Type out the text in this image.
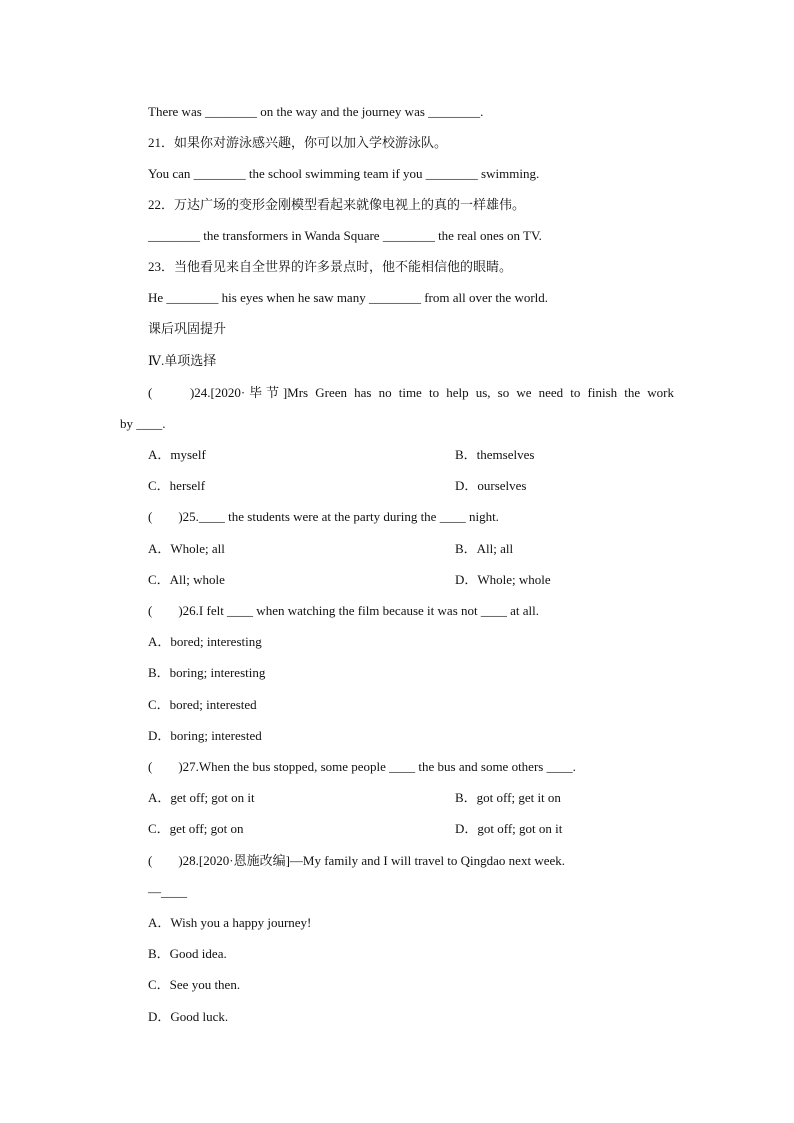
There was ________ on the way and the journey was ________.
21．如果你对游泳感兴趣，你可以加入学校游泳队。
You can ________ the school swimming team if you ________ swimming.
22．万达广场的变形金刚模型看起来就像电视上的真的一样雄伟。
________ the transformers in Wanda Square ________ the real ones on TV.
23．当他看见来自全世界的许多景点时，他不能相信他的眼睛。
He ________ his eyes when he saw many ________ from all over the world.
课后巩固提升
Ⅳ.单项选择
(　　)24.[2020·毕节]Mrs Green has no time to help us, so we need to finish the work
by ____.
A．myself	B．themselves
C．herself	D．ourselves
(　　)25.____ the students were at the party during the ____ night.
A．Whole; all	B．All; all
C．All; whole	D．Whole; whole
(　　)26.I felt ____ when watching the film because it was not ____ at all.
A．bored; interesting
B．boring; interesting
C．bored; interested
D．boring; interested
(　　)27.When the bus stopped, some people ____ the bus and some others ____.
A．get off; got on it	B．got off; get it on
C．get off; got on	D．got off; got on it
(　　)28.[2020·恩施改编]—My family and I will travel to Qingdao next week.
—____
A．Wish you a happy journey!
B．Good idea.
C．See you then.
D．Good luck.
